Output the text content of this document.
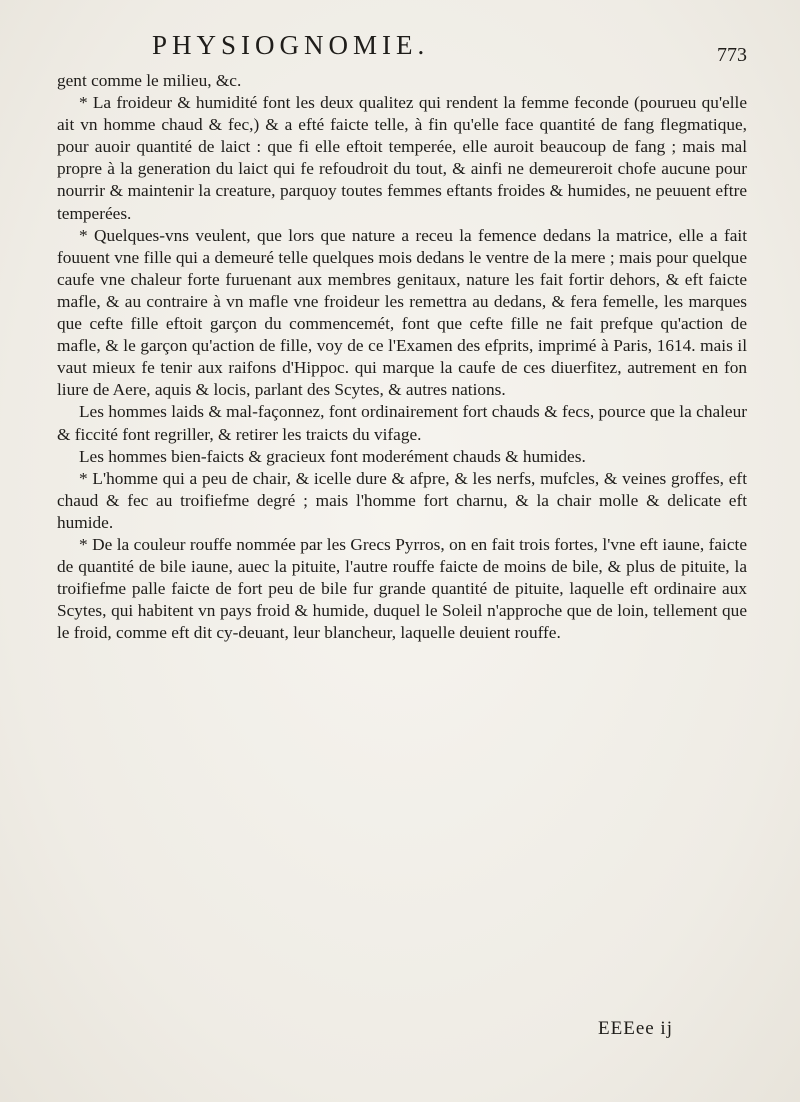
PHYSIOGNOMIE.	773

gent comme le milieu, &c.

* La froideur & humidité font les deux qualitez qui rendent la femme feconde (pourueu qu'elle ait vn homme chaud & fec,) & a efté faicte telle, à fin qu'elle face quantité de fang flegmatique, pour auoir quantité de laict : que fi elle eftoit temperée, elle auroit beaucoup de fang ; mais mal propre à la generation du laict qui fe refoudroit du tout, & ainfi ne demeureroit chofe aucune pour nourrir & maintenir la creature, parquoy toutes femmes eftants froides & humides, ne peuuent eftre temperées.

* Quelques-vns veulent, que lors que nature a receu la femence dedans la matrice, elle a fait fouuent vne fille qui a demeuré telle quelques mois dedans le ventre de la mere ; mais pour quelque caufe vne chaleur forte furuenant aux membres genitaux, nature les fait fortir dehors, & eft faicte mafle, & au contraire à vn mafle vne froideur les remettra au dedans, & fera femelle, les marques que cefte fille eftoit garçon du commencemét, font que cefte fille ne fait prefque qu'action de mafle, & le garçon qu'action de fille, voy de ce l'Examen des efprits, imprimé à Paris, 1614. mais il vaut mieux fe tenir aux raifons d'Hippoc. qui marque la caufe de ces diuerfitez, autrement en fon liure de Aere, aquis & locis, parlant des Scytes, & autres nations.

Les hommes laids & mal-façonnez, font ordinairement fort chauds & fecs, pource que la chaleur & ficcité font regriller, & retirer les traicts du vifage.

Les hommes bien-faicts & gracieux font moderément chauds & humides.

* L'homme qui a peu de chair, & icelle dure & afpre, & les nerfs, mufcles, & veines groffes, eft chaud & fec au troifiefme degré ; mais l'homme fort charnu, & la chair molle & delicate eft humide.

* De la couleur rouffe nommée par les Grecs Pyrros, on en fait trois fortes, l'vne eft iaune, faicte de quantité de bile iaune, auec la pituite, l'autre rouffe faicte de moins de bile, & plus de pituite, la troifiefme palle faicte de fort peu de bile fur grande quantité de pituite, laquelle eft ordinaire aux Scytes, qui habitent vn pays froid & humide, duquel le Soleil n'approche que de loin, tellement que le froid, comme eft dit cy-deuant, leur blancheur, laquelle deuient rouffe.

EEEee ij
